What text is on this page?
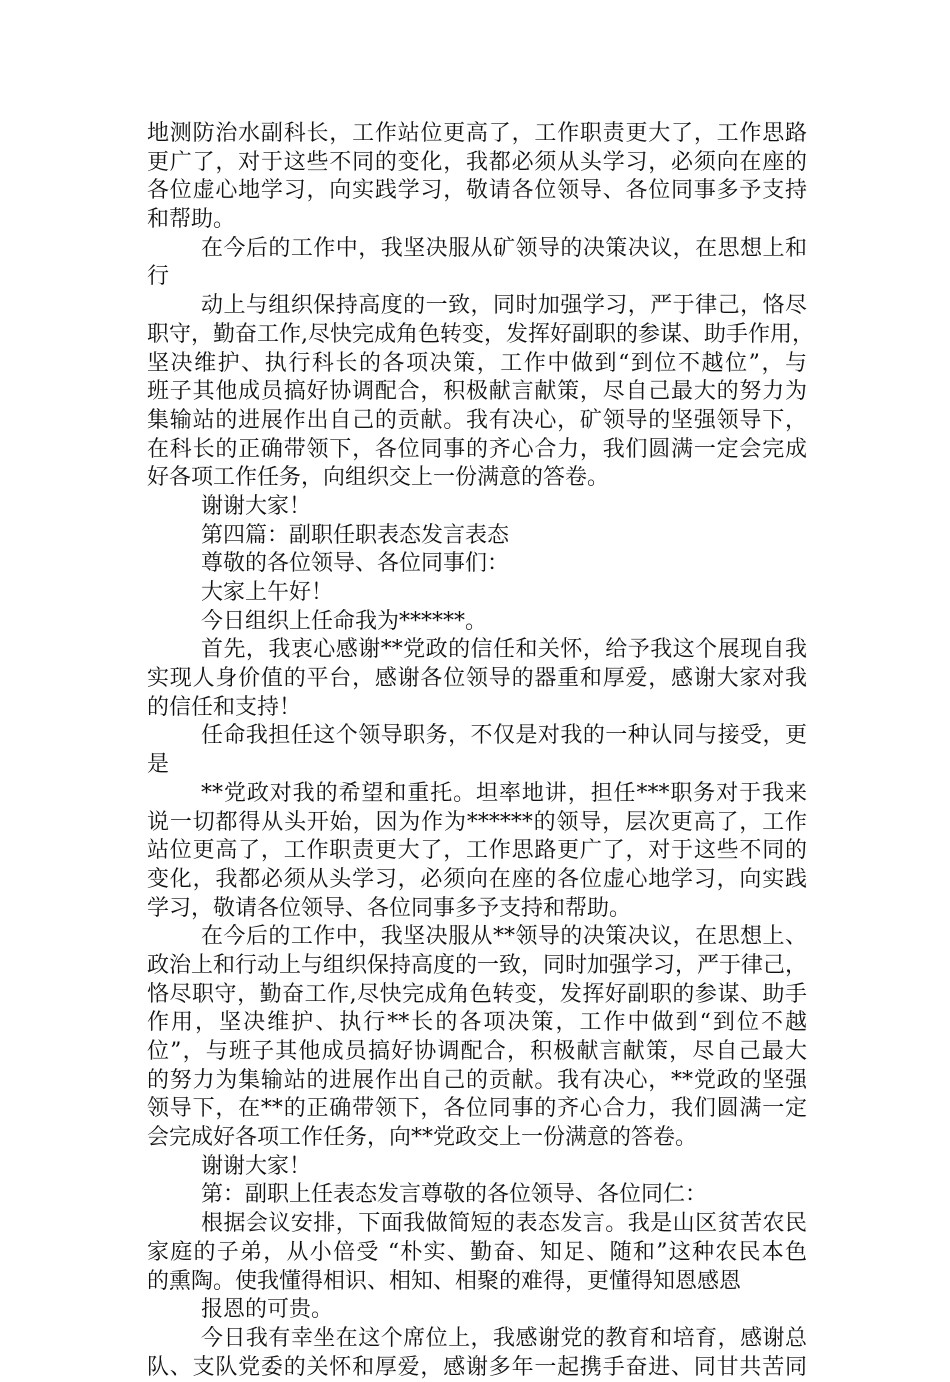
地测防治水副科长，工作站位更高了，工作职责更大了，工作思路
更广了，对于这些不同的变化，我都必须从头学习，必须向在座的
各位虚心地学习，向实践学习，敬请各位领导、各位同事多予支持
和帮助。
在今后的工作中，我坚决服从矿领导的决策决议，在思想上和
行
动上与组织保持高度的一致，同时加强学习，严于律己，恪尽
职守，勤奋工作,尽快完成角色转变，发挥好副职的参谋、助手作用，
坚决维护、执行科长的各项决策，工作中做到“到位不越位”，与
班子其他成员搞好协调配合，积极献言献策，尽自己最大的努力为
集输站的进展作出自己的贡献。我有决心，矿领导的坚强领导下，
在科长的正确带领下，各位同事的齐心合力，我们圆满一定会完成
好各项工作任务，向组织交上一份满意的答卷。
谢谢大家！
第四篇：副职任职表态发言表态
尊敬的各位领导、各位同事们：
大家上午好！
今日组织上任命我为******。
首先，我衷心感谢**党政的信任和关怀，给予我这个展现自我
实现人身价值的平台，感谢各位领导的器重和厚爱，感谢大家对我
的信任和支持！
任命我担任这个领导职务，不仅是对我的一种认同与接受，更
是
**党政对我的希望和重托。坦率地讲，担任***职务对于我来
说一切都得从头开始，因为作为******的领导，层次更高了，工作
站位更高了，工作职责更大了，工作思路更广了，对于这些不同的
变化，我都必须从头学习，必须向在座的各位虚心地学习，向实践
学习，敬请各位领导、各位同事多予支持和帮助。
在今后的工作中，我坚决服从**领导的决策决议，在思想上、
政治上和行动上与组织保持高度的一致，同时加强学习，严于律己，
恪尽职守，勤奋工作,尽快完成角色转变，发挥好副职的参谋、助手
作用，坚决维护、执行**长的各项决策，工作中做到“到位不越
位”，与班子其他成员搞好协调配合，积极献言献策，尽自己最大
的努力为集输站的进展作出自己的贡献。我有决心，**党政的坚强
领导下，在**的正确带领下，各位同事的齐心合力，我们圆满一定
会完成好各项工作任务，向**党政交上一份满意的答卷。
谢谢大家！
第：副职上任表态发言尊敬的各位领导、各位同仁：
根据会议安排，下面我做简短的表态发言。我是山区贫苦农民
家庭的子弟，从小倍受 “朴实、勤奋、知足、随和”这种农民本色
的熏陶。使我懂得相识、相知、相聚的难得，更懂得知恩感恩
报恩的可贵。
今日我有幸坐在这个席位上，我感谢党的教育和培育，感谢总
队、支队党委的关怀和厚爱，感谢多年一起携手奋进、同甘共苦同
